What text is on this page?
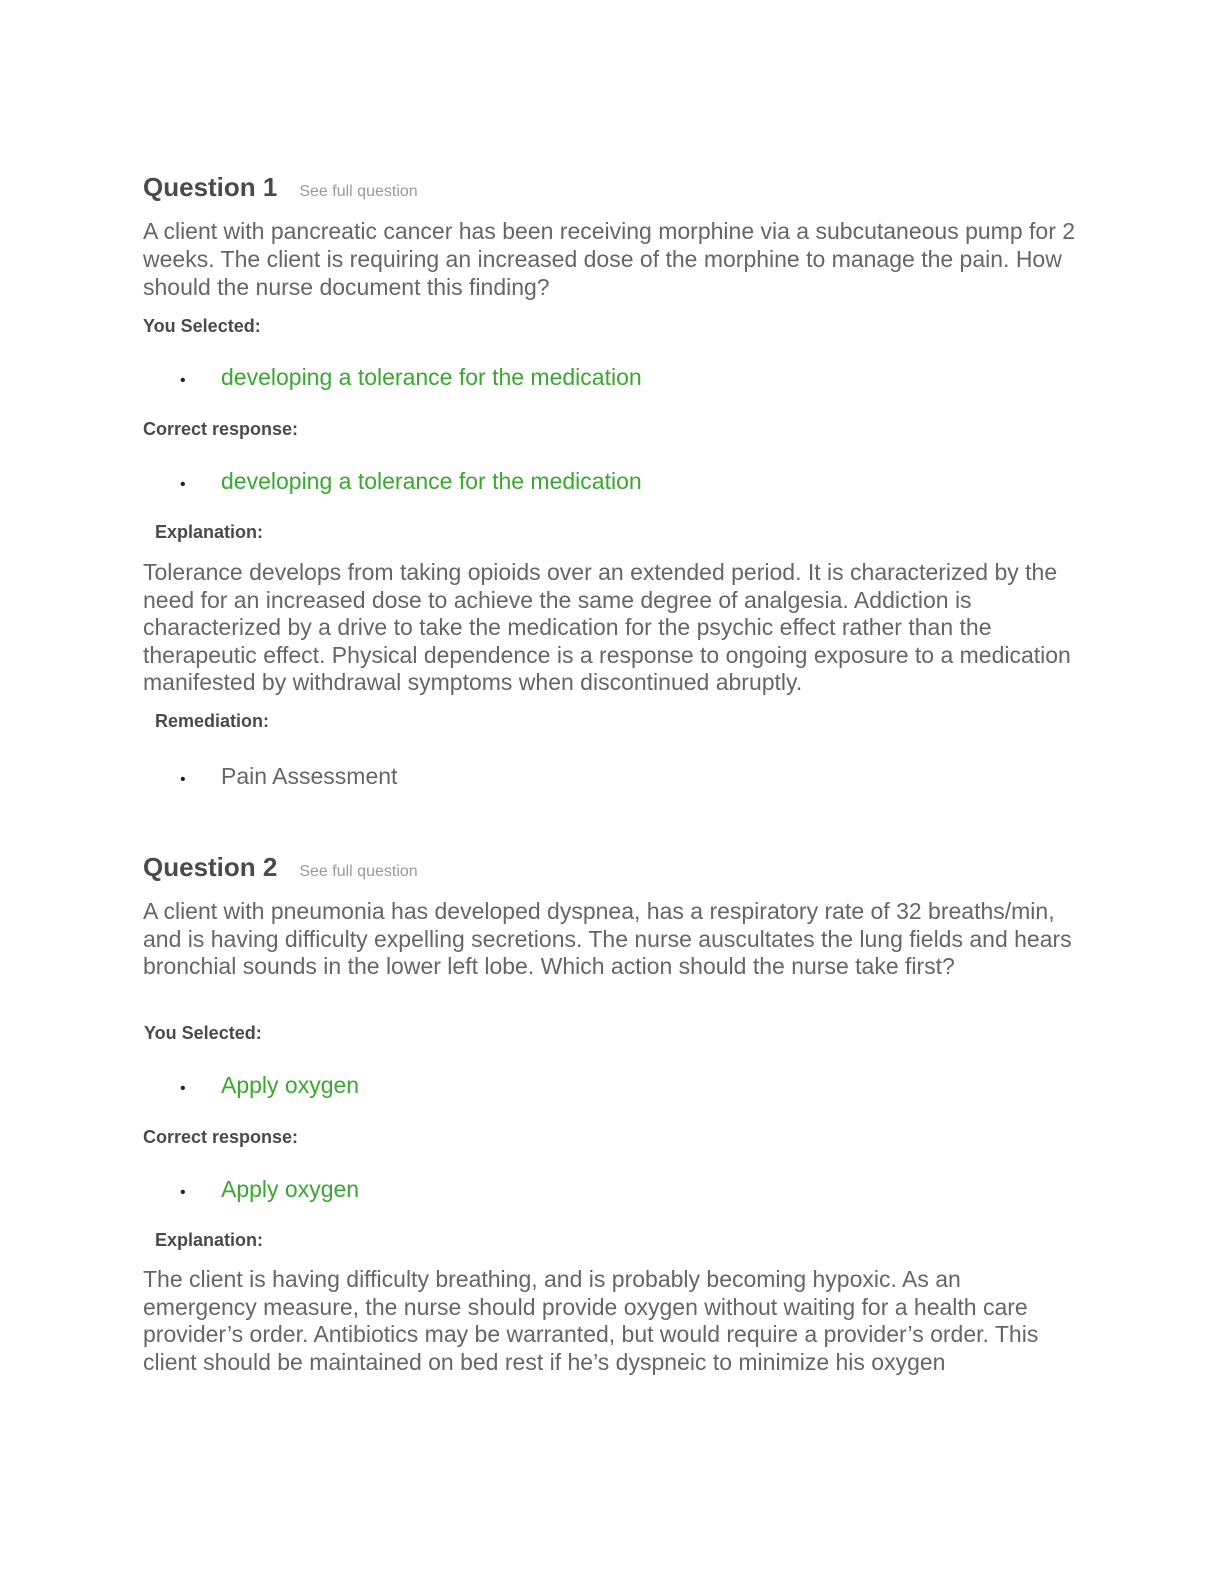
Question 1 See full question
A client with pancreatic cancer has been receiving morphine via a subcutaneous pump for 2 weeks. The client is requiring an increased dose of the morphine to manage the pain. How should the nurse document this finding?
You Selected:
•	developing a tolerance for the medication
Correct response:
•	developing a tolerance for the medication
Explanation:
Tolerance develops from taking opioids over an extended period. It is characterized by the need for an increased dose to achieve the same degree of analgesia. Addiction is characterized by a drive to take the medication for the psychic effect rather than the therapeutic effect. Physical dependence is a response to ongoing exposure to a medication manifested by withdrawal symptoms when discontinued abruptly.
Remediation:
•	Pain Assessment
Question 2 See full question
A client with pneumonia has developed dyspnea, has a respiratory rate of 32 breaths/min, and is having difficulty expelling secretions. The nurse auscultates the lung fields and hears bronchial sounds in the lower left lobe. Which action should the nurse take first?
You Selected:
•	Apply oxygen
Correct response:
•	Apply oxygen
Explanation:
The client is having difficulty breathing, and is probably becoming hypoxic. As an emergency measure, the nurse should provide oxygen without waiting for a health care provider’s order. Antibiotics may be warranted, but would require a provider’s order. This client should be maintained on bed rest if he’s dyspneic to minimize his oxygen
